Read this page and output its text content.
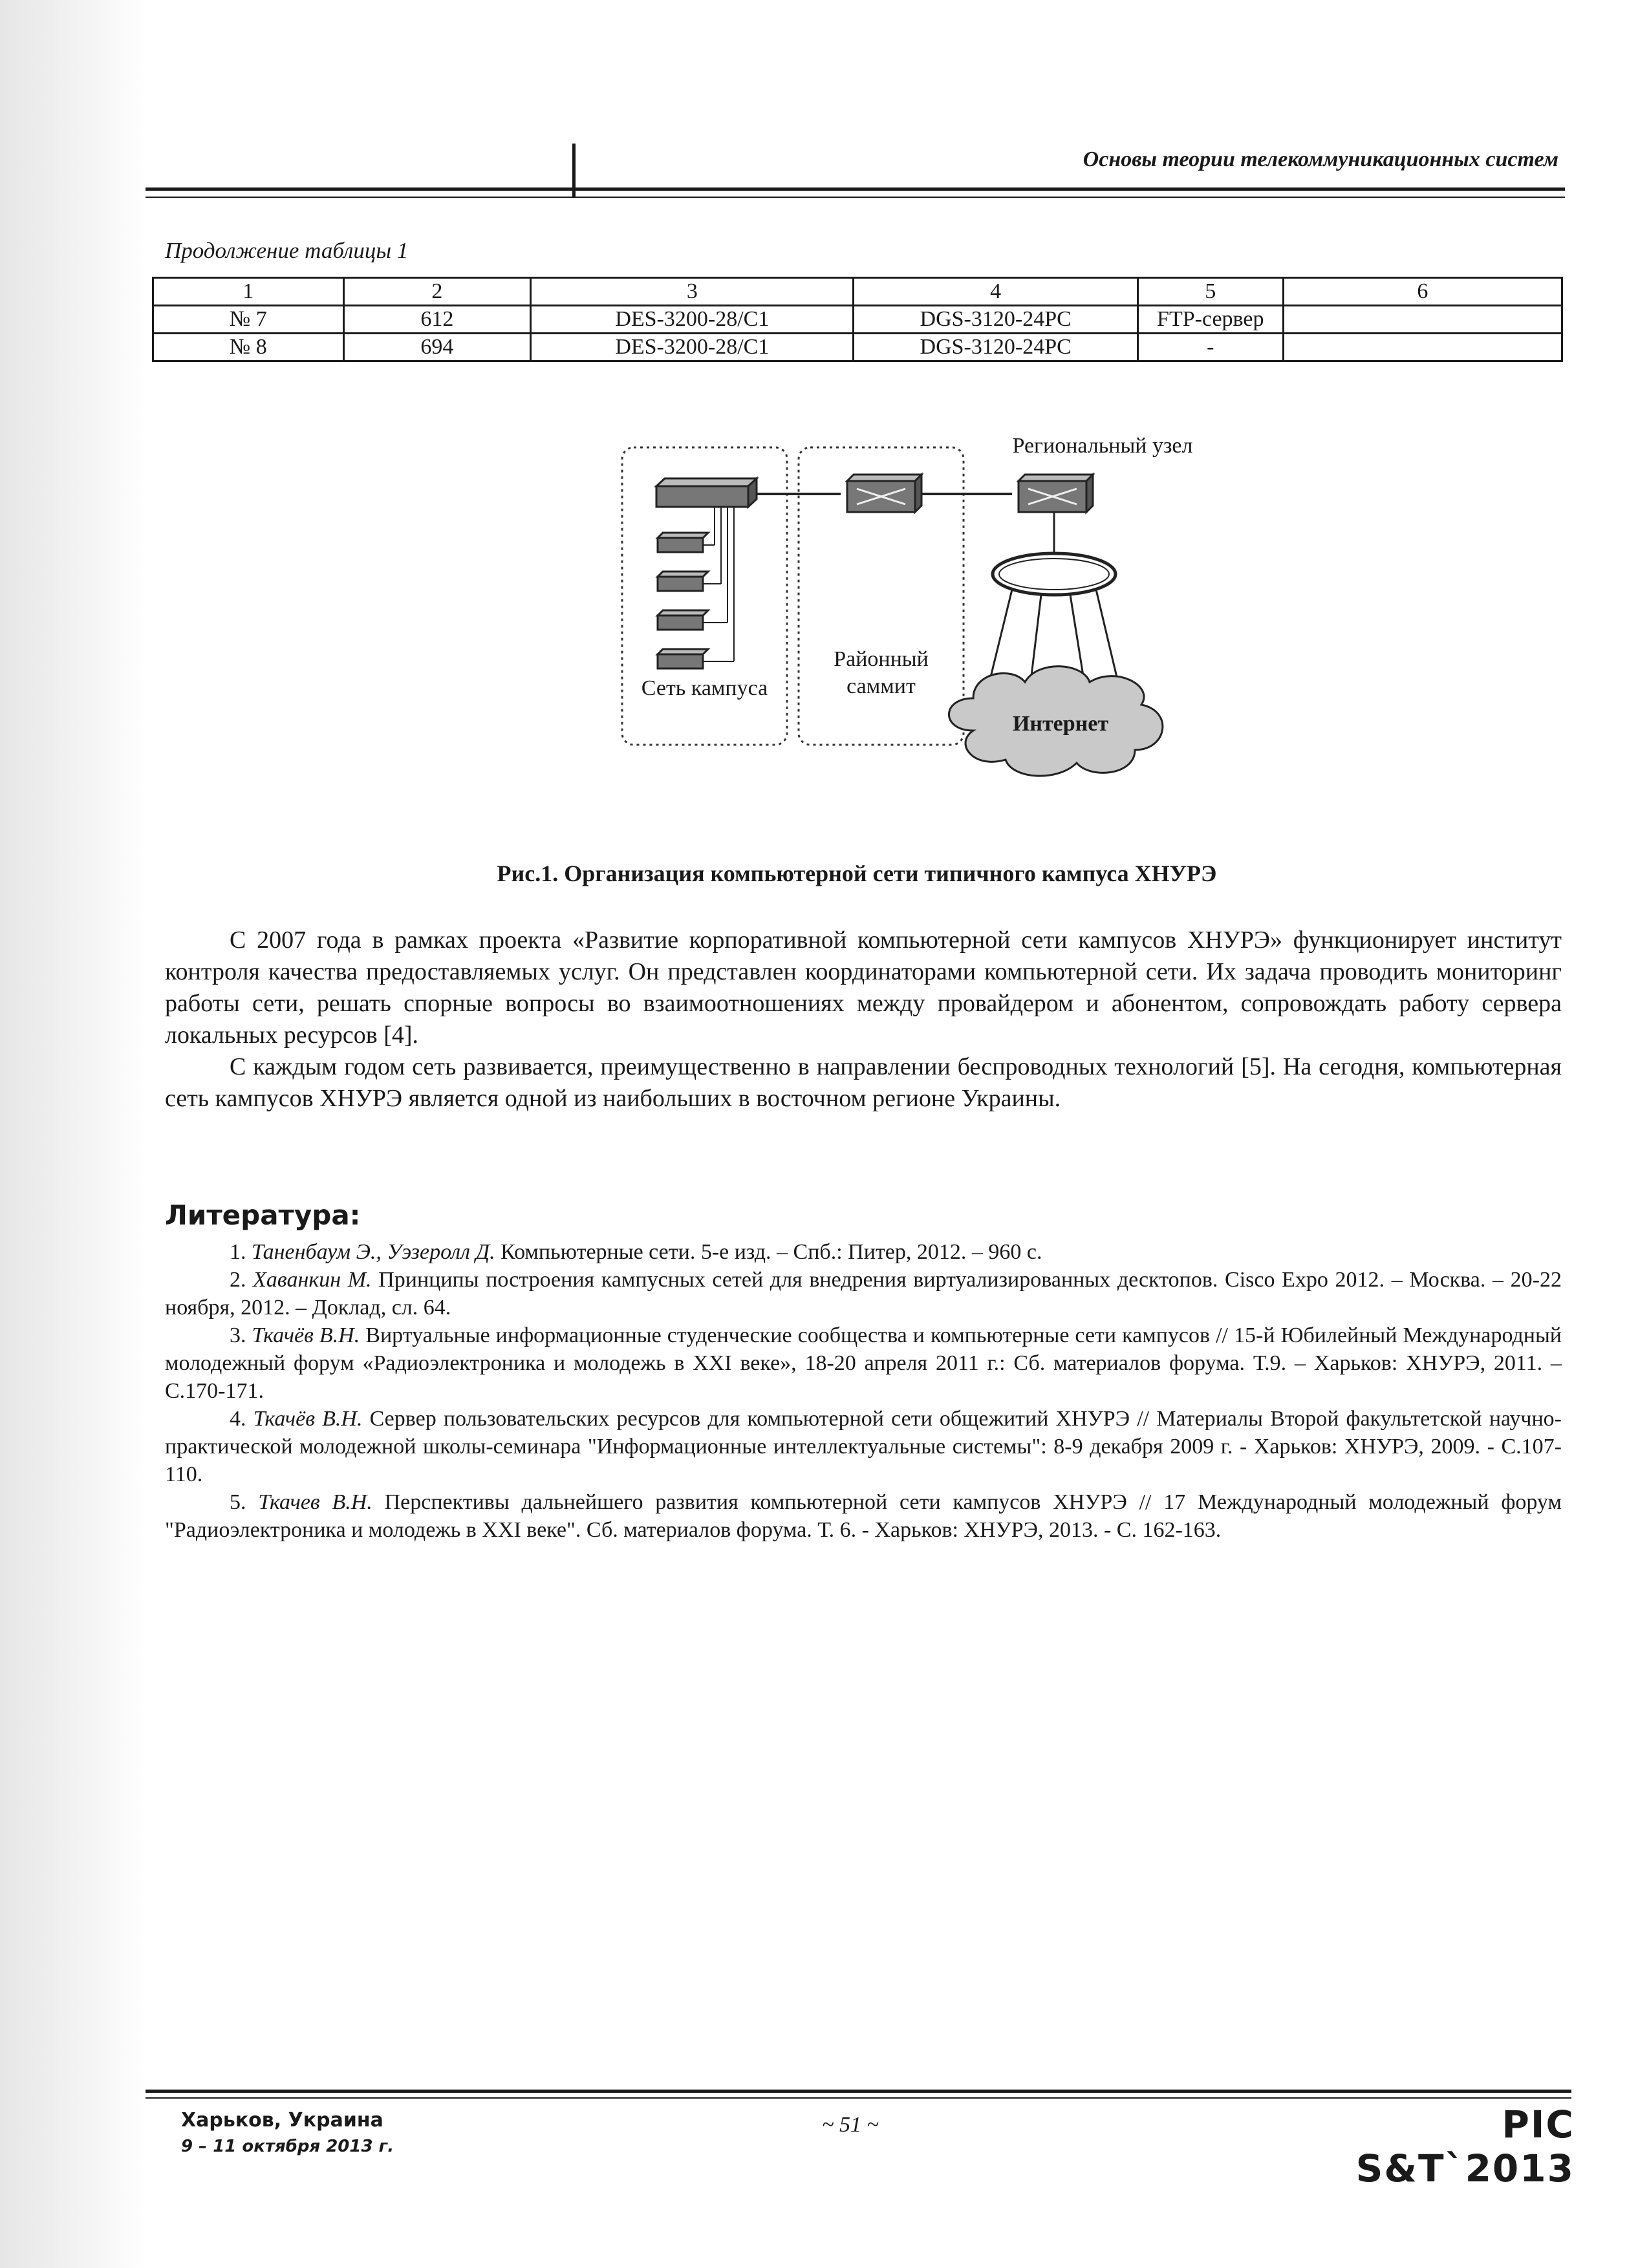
Основы теории телекоммуникационных систем
Продолжение таблицы 1
1	2	3	4	5	6
№ 7	612	DES-3200-28/C1	DGS-3120-24PC	FTP-сервер	
№ 8	694	DES-3200-28/C1	DGS-3120-24PC	-	
Региональный узел
Районный
саммит
Сеть кампуса
Интернет
Рис.1. Организация компьютерной сети типичного кампуса ХНУРЭ

С 2007 года в рамках проекта «Развитие корпоративной компьютерной сети кампусов ХНУРЭ» функционирует институт контроля качества предоставляемых услуг. Он представлен координаторами компьютерной сети. Их задача проводить мониторинг работы сети, решать спорные вопросы во взаимоотношениях между провайдером и абонентом, сопровождать работу сервера локальных ресурсов [4].

С каждым годом сеть развивается, преимущественно в направлении беспроводных технологий [5]. На сегодня, компьютерная сеть кампусов ХНУРЭ является одной из наибольших в восточном регионе Украины.

Литература:

1. Таненбаум Э., Уэзеролл Д. Компьютерные сети. 5-е изд. – Спб.: Питер, 2012. – 960 с.

2. Хаванкин М. Принципы построения кампусных сетей для внедрения виртуализированных десктопов. Cisco Expo 2012. – Москва. – 20-22 ноября, 2012. – Доклад, сл. 64.

3. Ткачёв В.Н. Виртуальные информационные студенческие сообщества и компьютерные сети кампусов // 15-й Юбилейный Международный молодежный форум «Радиоэлектроника и молодежь в XXI веке», 18-20 апреля 2011 г.: Сб. материалов форума. Т.9. – Харьков: ХНУРЭ, 2011. – С.170-171.

4. Ткачёв В.Н. Сервер пользовательских ресурсов для компьютерной сети общежитий ХНУРЭ // Материалы Второй факультетской научно-практической молодежной школы-семинара "Информационные интеллектуальные системы": 8-9 декабря 2009 г. - Харьков: ХНУРЭ, 2009. - С.107-110.

5. Ткачев В.Н. Перспективы дальнейшего развития компьютерной сети кампусов ХНУРЭ // 17 Международный молодежный форум "Радиоэлектроника и молодежь в XXI веке". Сб. материалов форума. Т. 6. - Харьков: ХНУРЭ, 2013. - С. 162-163.

Харьков, Украина
9 – 11 октября 2013 г.
~ 51 ~	PIC S&T`2013
